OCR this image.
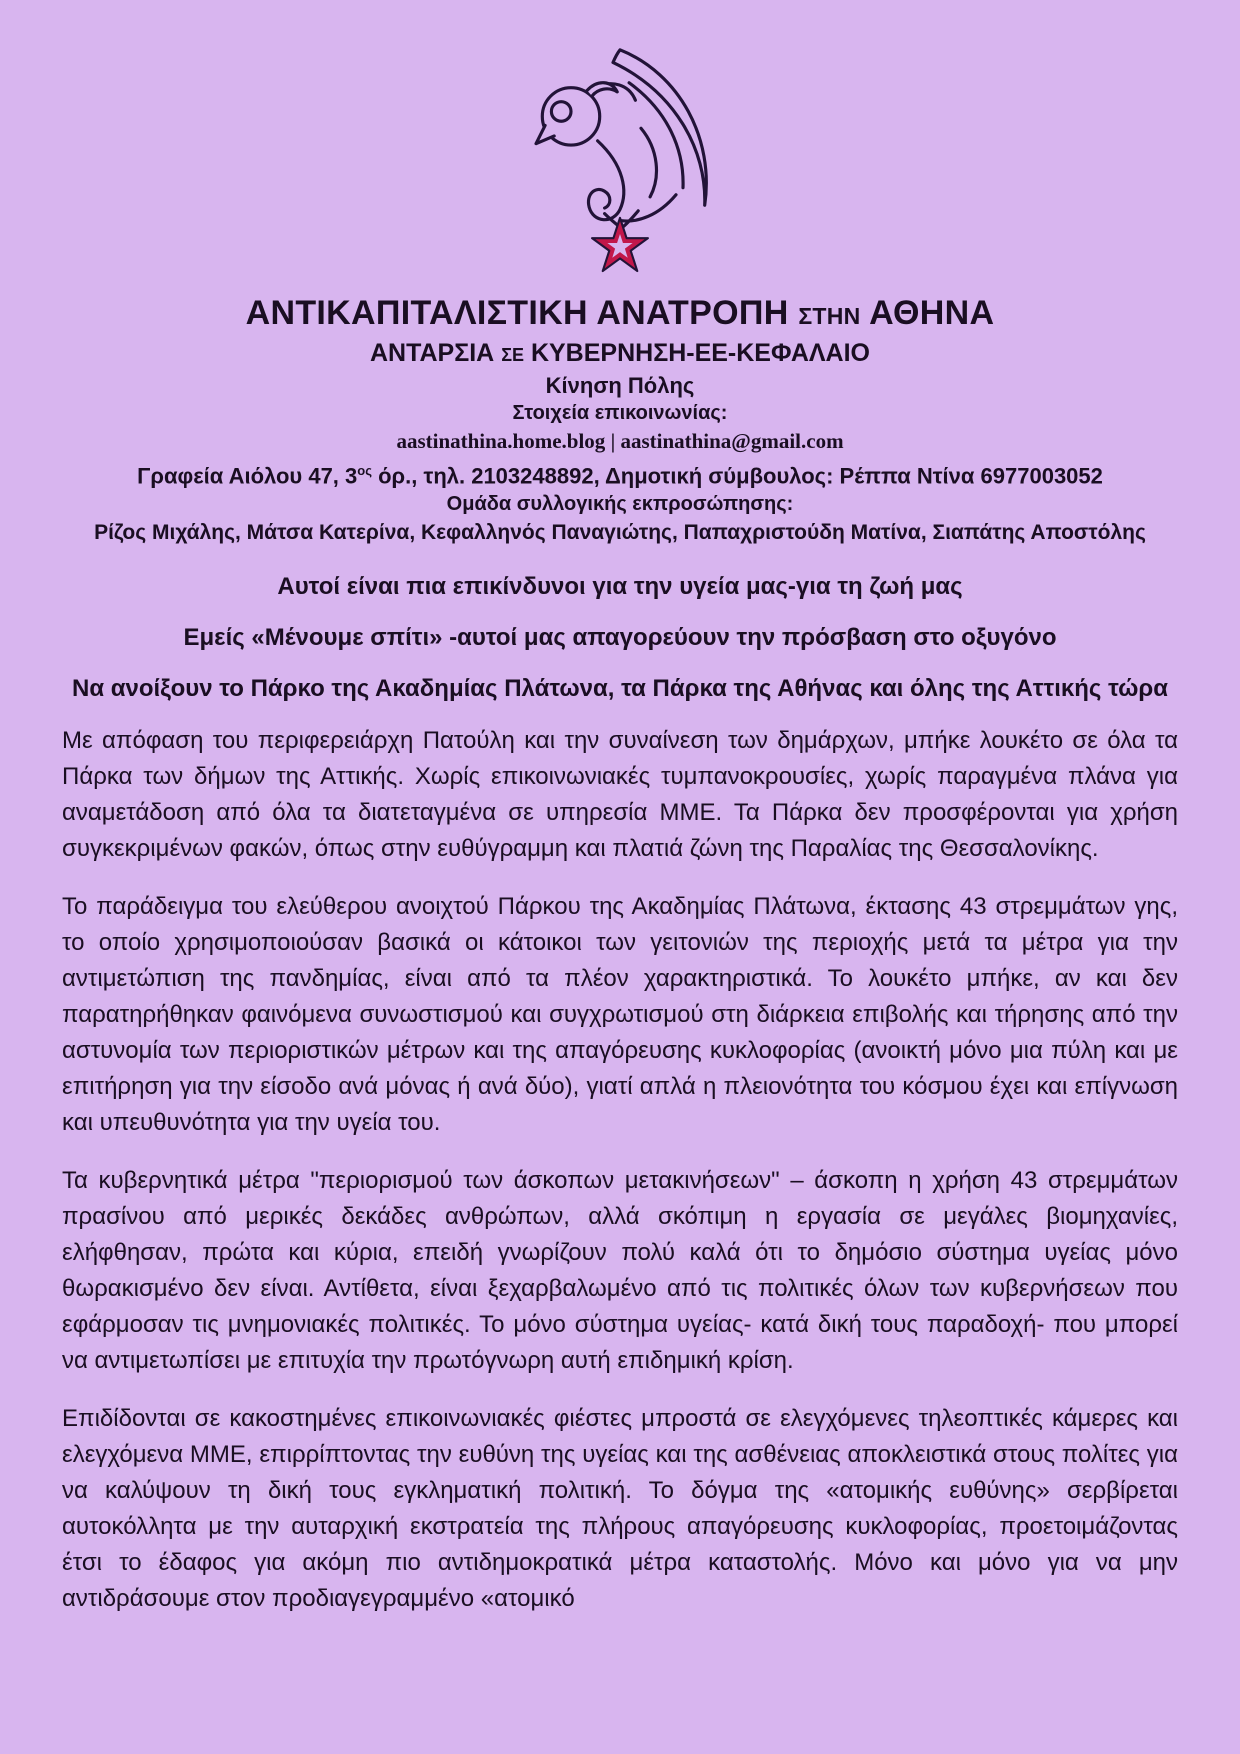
ΑΝΤΙΚΑΠΙΤΑΛΙΣΤΙΚΗ ΑΝΑΤΡΟΠΗ ΣΤΗΝ ΑΘΗΝΑ
ΑΝΤΑΡΣΙΑ ΣΕ ΚΥΒΕΡΝΗΣΗ-ΕΕ-ΚΕΦΑΛΑΙΟ
Κίνηση Πόλης
Στοιχεία επικοινωνίας:
aastinathina.home.blog | aastinathina@gmail.com
Γραφεία Αιόλου 47, $3^{o\varsigma}$ όρ., τηλ. 2103248892, Δημοτική σύμβουλος: Ρέππα Ντίνα 6977003052
Ομάδα συλλογικής εκπροσώπησης:
Ρίζος Μιχάλης, Μάτσα Κατερίνα, Κεφαλληνός Παναγιώτης, Παπαχριστούδη Ματίνα, Σιαπάτης Αποστόλης
Αυτοί είναι πια επικίνδυνοι για την υγεία μας-για τη ζωή μας
Εμείς «Μένουμε σπίτι» -αυτοί μας απαγορεύουν την πρόσβαση στο οξυγόνο
Να ανοίξουν το Πάρκο της Ακαδημίας Πλάτωνα, τα Πάρκα της Αθήνας και όλης της Αττικής τώρα
Με απόφαση του περιφερειάρχη Πατούλη και την συναίνεση των δημάρχων, μπήκε λουκέτο σε όλα τα Πάρκα των δήμων της Αττικής. Χωρίς επικοινωνιακές τυμπανοκρουσίες, χωρίς παραγμένα πλάνα για αναμετάδοση από όλα τα διατεταγμένα σε υπηρεσία ΜΜΕ. Τα Πάρκα δεν προσφέρονται για χρήση συγκεκριμένων φακών, όπως στην ευθύγραμμη και πλατιά ζώνη της Παραλίας της Θεσσαλονίκης.
Το παράδειγμα του ελεύθερου ανοιχτού Πάρκου της Ακαδημίας Πλάτωνα, έκτασης 43 στρεμμάτων γης, το οποίο χρησιμοποιούσαν βασικά οι κάτοικοι των γειτονιών της περιοχής μετά τα μέτρα για την αντιμετώπιση της πανδημίας, είναι από τα πλέον χαρακτηριστικά. Το λουκέτο μπήκε, αν και δεν παρατηρήθηκαν φαινόμενα συνωστισμού και συγχρωτισμού στη διάρκεια επιβολής και τήρησης από την αστυνομία των περιοριστικών μέτρων και της απαγόρευσης κυκλοφορίας (ανοικτή μόνο μια πύλη και με επιτήρηση για την είσοδο ανά μόνας ή ανά δύο), γιατί απλά η πλειονότητα του κόσμου έχει και επίγνωση και υπευθυνότητα για την υγεία του.
Τα κυβερνητικά μέτρα "περιορισμού των άσκοπων μετακινήσεων" – άσκοπη η χρήση 43 στρεμμάτων πρασίνου από μερικές δεκάδες ανθρώπων, αλλά σκόπιμη η εργασία σε μεγάλες βιομηχανίες, ελήφθησαν, πρώτα και κύρια, επειδή γνωρίζουν πολύ καλά ότι το δημόσιο σύστημα υγείας μόνο θωρακισμένο δεν είναι. Αντίθετα, είναι ξεχαρβαλωμένο από τις πολιτικές όλων των κυβερνήσεων που εφάρμοσαν τις μνημονιακές πολιτικές. Το μόνο σύστημα υγείας- κατά δική τους παραδοχή- που μπορεί να αντιμετωπίσει με επιτυχία την πρωτόγνωρη αυτή επιδημική κρίση.
Επιδίδονται σε κακοστημένες επικοινωνιακές φιέστες μπροστά σε ελεγχόμενες τηλεοπτικές κάμερες και ελεγχόμενα ΜΜΕ, επιρρίπτοντας την ευθύνη της υγείας και της ασθένειας αποκλειστικά στους πολίτες για να καλύψουν τη δική τους εγκληματική πολιτική. Το δόγμα της «ατομικής ευθύνης» σερβίρεται αυτοκόλλητα με την αυταρχική εκστρατεία της πλήρους απαγόρευσης κυκλοφορίας, προετοιμάζοντας έτσι το έδαφος για ακόμη πιο αντιδημοκρατικά μέτρα καταστολής. Μόνο και μόνο για να μην αντιδράσουμε στον προδιαγεγραμμένο «ατομικό
